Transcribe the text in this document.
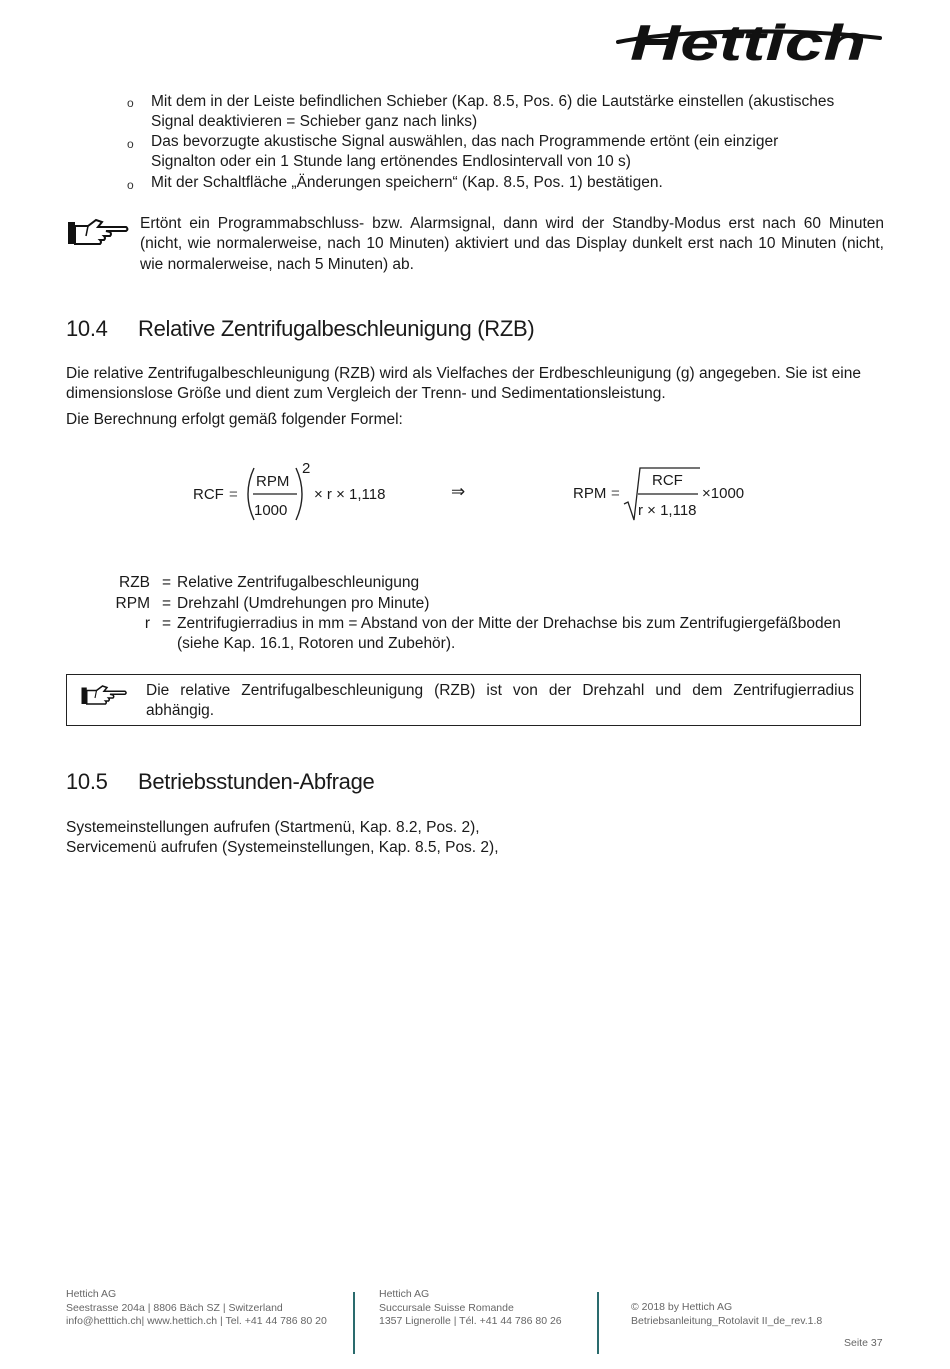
Hettich
o Mit dem in der Leiste befindlichen Schieber (Kap. 8.5, Pos. 6) die Lautstärke einstellen (akustisches
Signal deaktivieren = Schieber ganz nach links)
o Das bevorzugte akustische Signal auswählen, das nach Programmende ertönt (ein einziger
Signalton oder ein 1 Stunde lang ertönendes Endlosintervall von 10 s)
o Mit der Schaltfläche „Änderungen speichern“ (Kap. 8.5, Pos. 1) bestätigen.
Ertönt ein Programmabschluss- bzw. Alarmsignal, dann wird der Standby-Modus erst nach 60 Minuten (nicht, wie normalerweise, nach 10 Minuten) aktiviert und das Display dunkelt erst nach 10 Minuten (nicht, wie normalerweise, nach 5 Minuten) ab.
10.4 Relative Zentrifugalbeschleunigung (RZB)
Die relative Zentrifugalbeschleunigung (RZB) wird als Vielfaches der Erdbeschleunigung (g) angegeben. Sie ist eine dimensionslose Größe und dient zum Vergleich der Trenn- und Sedimentationsleistung.
Die Berechnung erfolgt gemäß folgender Formel:
RCF =
RPM
1000
2
× r × 1,118	⇒	RPM =
RCF
r × 1,118
×1000
RZB = Relative Zentrifugalbeschleunigung
RPM = Drehzahl (Umdrehungen pro Minute)
r = Zentrifugierradius in mm = Abstand von der Mitte der Drehachse bis zum Zentrifugiergefäßboden
(siehe Kap. 16.1, Rotoren und Zubehör).
Die relative Zentrifugalbeschleunigung (RZB) ist von der Drehzahl und dem Zentrifugierradius abhängig.
10.5 Betriebsstunden-Abfrage
Systemeinstellungen aufrufen (Startmenü, Kap. 8.2, Pos. 2),
Servicemenü aufrufen (Systemeinstellungen, Kap. 8.5, Pos. 2),
Hettich AG
Seestrasse 204a | 8806 Bäch SZ | Switzerland
info@hetttich.ch| www.hettich.ch | Tel. +41 44 786 80 20
Hettich AG
Succursale Suisse Romande
1357 Lignerolle | Tél. +41 44 786 80 26
© 2018 by Hettich AG
Betriebsanleitung_Rotolavit II_de_rev.1.8
Seite 37
